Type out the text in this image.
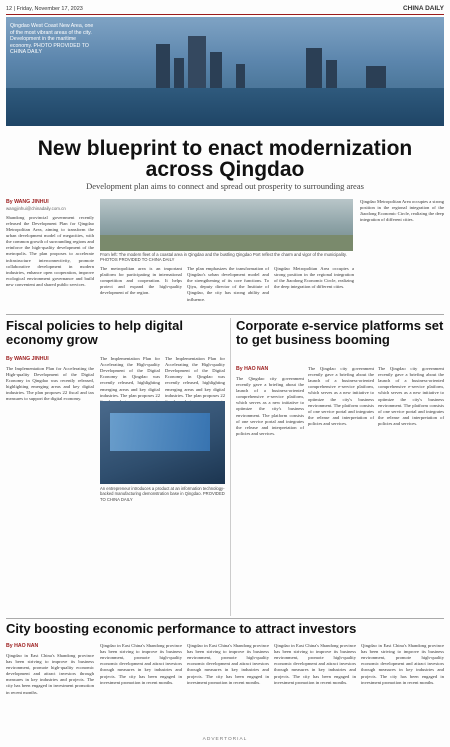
12 | Friday, November 17, 2023	CHINA DAILY
Qingdao West Coast New Area, one of the most vibrant areas of the city. Development in the maritime economy. PHOTO PROVIDED TO CHINA DAILY
New blueprint to enact modernization across Qingdao
Development plan aims to connect and spread out prosperity to surrounding areas
By WANG JINHUI
wangjinhui@chinadaily.com.cn
Shandong provincial government recently released the Development Plan for Qingdao Metropolitan Area, aiming to transform the urban development model of megacities, with the common growth of surrounding regions and reinforce the high-quality development of the metropolis. The plan proposes to accelerate infrastructure interconnectivity, promote collaborative development in modern industries, enhance open cooperation, improve ecological environment governance and build new convenient and shared public services.
From left: The modern fleet of a coastal area in Qingdao and the bustling Qingdao Port reflect the charm and vigor of the municipality. PHOTOS PROVIDED TO CHINA DAILY
The metropolitan area is an important platform for participating in international competition and cooperation. It helps protect and expand the high-quality development of the region.
The plan emphasizes the transformation of Qingdao's urban development model and the strengthening of its core functions. To Qiyu, deputy director of the Institute of Qingdao, the city has strong ability and influence.
Qingdao Metropolitan Area occupies a strong position in the regional integration of the Jiaodong Economic Circle, realizing the deep integration of different cities.
Qingdao Metropolitan Area occupies a strong position in the regional integration of the Jiaodong Economic Circle, realizing the deep integration of different cities.
Fiscal policies to help digital economy grow
By WANG JINHUI
The Implementation Plan for Accelerating the High-quality Development of the Digital Economy in Qingdao was recently released, highlighting emerging areas and key digital industries. The plan proposes 22 fiscal and tax measures to support the digital economy.
The Implementation Plan for Accelerating the High-quality Development of the Digital Economy in Qingdao was recently released, highlighting emerging areas and key digital industries. The plan proposes 22
The Implementation Plan for Accelerating the High-quality Development of the Digital Economy in Qingdao was recently released, highlighting emerging areas and key digital industries. The plan proposes 22
An entrepreneur introduces a product at an information technology-backed manufacturing demonstration base in Qingdao. PROVIDED TO CHINA DAILY
Corporate e-service platforms set to get business booming
By HAO NAN
The Qingdao city government recently gave a briefing about the launch of a business-oriented comprehensive e-service platform, which serves as a new initiative to optimize the city's business environment. The platform consists of one service portal and integrates the release and interpretation of policies and services.
The Qingdao city government recently gave a briefing about the launch of a business-oriented comprehensive e-service platform, which serves as a new initiative to optimize the city's business environment. The platform consists of one service portal and integrates the release and interpretation of policies and services.
The Qingdao city government recently gave a briefing about the launch of a business-oriented comprehensive e-service platform, which serves as a new initiative to optimize the city's business environment. The platform consists of one service portal and integrates the release and interpretation of policies and services.
City boosting economic performance to attract investors
By HAO NAN
Qingdao in East China's Shandong province has been striving to improve its business environment, promote high-quality economic development and attract investors through measures in key industries and projects. The city has been engaged in investment promotion in recent months.
Qingdao in East China's Shandong province has been striving to improve its business environment, promote high-quality economic development and attract investors through measures in key industries and projects. The city has been engaged in investment promotion in recent months.
Qingdao in East China's Shandong province has been striving to improve its business environment, promote high-quality economic development and attract investors through measures in key industries and projects. The city has been engaged in investment promotion in recent months.
Qingdao in East China's Shandong province has been striving to improve its business environment, promote high-quality economic development and attract investors through measures in key industries and projects. The city has been engaged in investment promotion in recent months.
Qingdao in East China's Shandong province has been striving to improve its business environment, promote high-quality economic development and attract investors through measures in key industries and projects. The city has been engaged in investment promotion in recent months.
ADVERTORIAL
